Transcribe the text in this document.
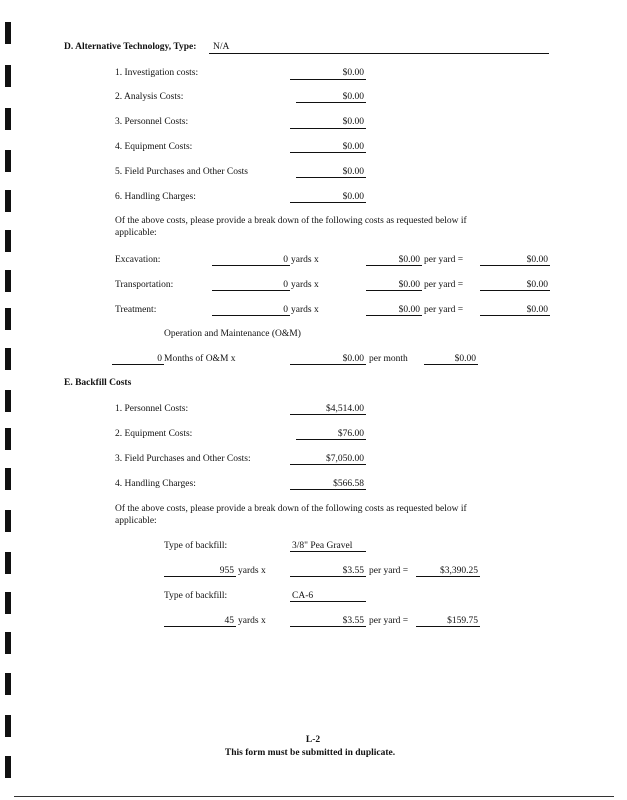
D. Alternative Technology, Type: N/A
1. Investigation costs:	$0.00
2. Analysis Costs:	$0.00
3. Personnel Costs:	$0.00
4. Equipment Costs:	$0.00
5. Field Purchases and Other Costs	$0.00
6. Handling Charges:	$0.00
Of the above costs, please provide a break down of the following costs as requested below if
applicable:
Excavation:	0 yards x	$0.00 per yard =	$0.00
Transportation:	0 yards x	$0.00 per yard =	$0.00
Treatment:	0 yards x	$0.00 per yard =	$0.00
Operation and Maintenance (O&M)
0 Months of O&M x	$0.00 per month	$0.00
E. Backfill Costs
1. Personnel Costs:	$4,514.00
2. Equipment Costs:	$76.00
3. Field Purchases and Other Costs:	$7,050.00
4. Handling Charges:	$566.58
Of the above costs, please provide a break down of the following costs as requested below if
applicable:
Type of backfill:	3/8" Pea Gravel
955 yards x	$3.55 per yard =	$3,390.25
Type of backfill:	CA-6
45 yards x	$3.55 per yard =	$159.75
L-2
This form must be submitted in duplicate.
